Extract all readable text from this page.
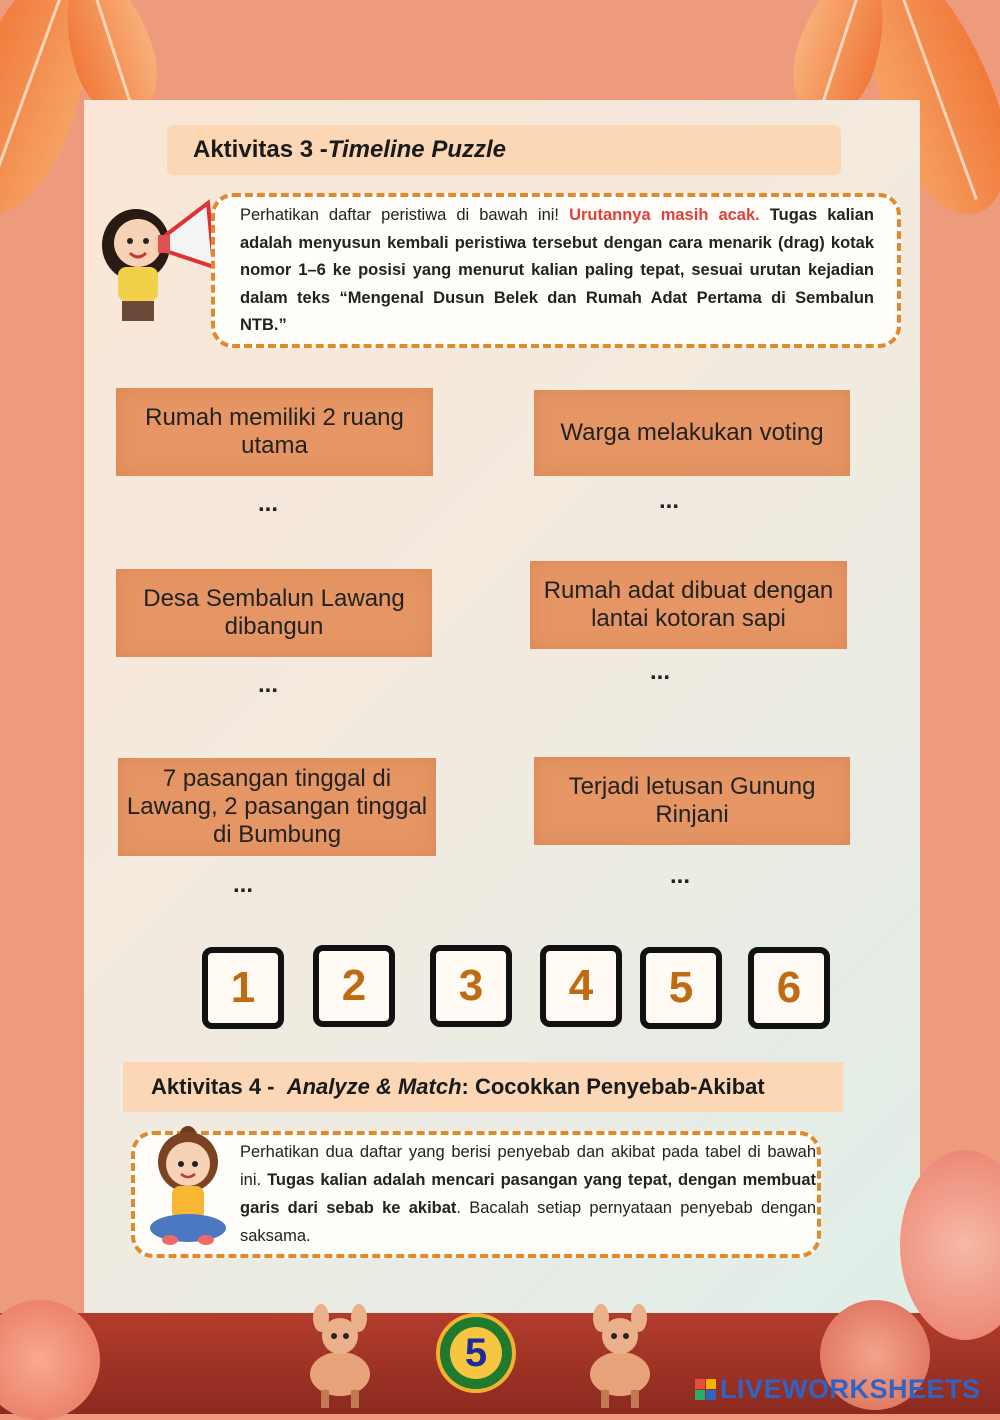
Aktivitas 3 - Timeline Puzzle
Perhatikan daftar peristiwa di bawah ini! Urutannya masih acak. Tugas kalian adalah menyusun kembali peristiwa tersebut dengan cara menarik (drag) kotak nomor 1–6 ke posisi yang menurut kalian paling tepat, sesuai urutan kejadian dalam teks “Mengenal Dusun Belek dan Rumah Adat Pertama di Sembalun NTB.”
Rumah memiliki 2 ruang utama	Warga melakukan voting
Desa Sembalun Lawang dibangun
Rumah adat dibuat dengan lantai kotoran sapi
7 pasangan tinggal di Lawang, 2 pasangan tinggal di Bumbung
Terjadi letusan Gunung Rinjani
...	...
...	...
...	...
1	2	3	4	5	6
Aktivitas 4 - Analyze & Match : Cocokkan Penyebab-Akibat
Perhatikan dua daftar yang berisi penyebab dan akibat pada tabel di bawah ini. Tugas kalian adalah mencari pasangan yang tepat, dengan membuat garis dari sebab ke akibat. Bacalah setiap pernyataan penyebab dengan saksama.
5
LIVEWORKSHEETS
